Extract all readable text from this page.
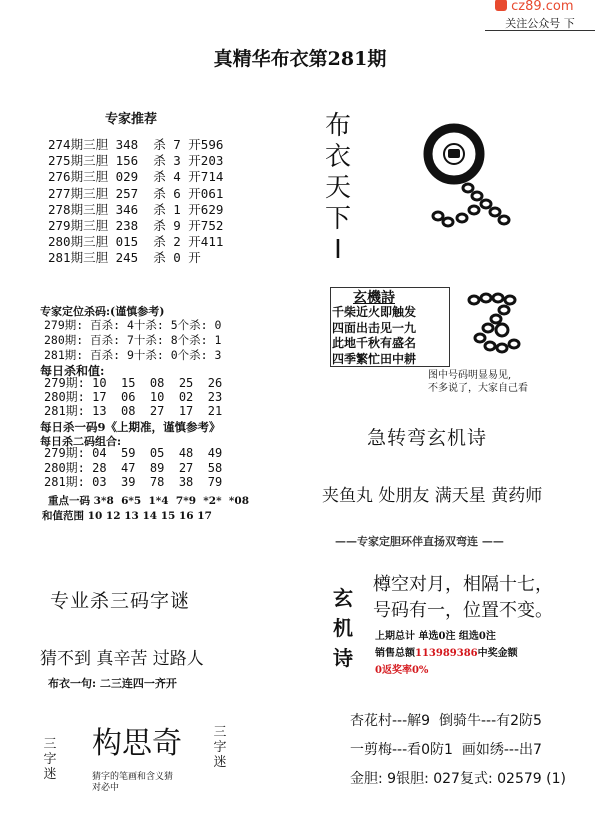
cz89.com
关注公众号 下
真精华布衣第281期
专家推荐
274期三胆 348  杀 7 开596
275期三胆 156  杀 3 开203
276期三胆 029  杀 4 开714
277期三胆 257  杀 6 开061
278期三胆 346  杀 1 开629
279期三胆 238  杀 9 开752
280期三胆 015  杀 2 开411
281期三胆 245  杀 0 开
专家定位杀码:(谨慎参考)
279期: 百杀: 4十杀: 5个杀: 0
280期: 百杀: 7十杀: 8个杀: 1
281期: 百杀: 9十杀: 0个杀: 3
每日杀和值:
279期: 10  15  08  25  26
280期: 17  06  10  02  23
281期: 13  08  27  17  21
每日杀一码9《上期准，谨慎参考》
每日杀二码组合:
279期: 04  59  05  48  49
280期: 28  47  89  27  58
281期: 03  39  78  38  79
重点一码 3*8  6*5  1*4  7*9  *2*  *08
和值范围 10 12 13 14 15 16 17
专业杀三码字谜
猜不到 真辛苦 过路人
布衣一句: 二三连四一齐开
三
字
迷
构思奇
猜字的笔画和含义猜
对必中
三
字
迷
布
衣
天
下
I
玄機詩
千柴近火即触发
四面出击见一九
此地千秋有盛名
四季繁忙田中耕
图中号码明显易见,
不多说了，大家自己看
急转弯玄机诗
夹鱼丸 处朋友 满天星 黄药师
——专家定胆环伴直扬双弯连 ——
玄
机
诗
樽空对月，相隔十七，
号码有一，位置不变。
上期总计 单选0注 组选0注
销售总额113989386中奖金额
0返奖率0%
杏花村---解9  倒骑牛---有2防5
一剪梅---看0防1  画如绣---出7
金胆: 9银胆: 027复式: 02579 (1)
